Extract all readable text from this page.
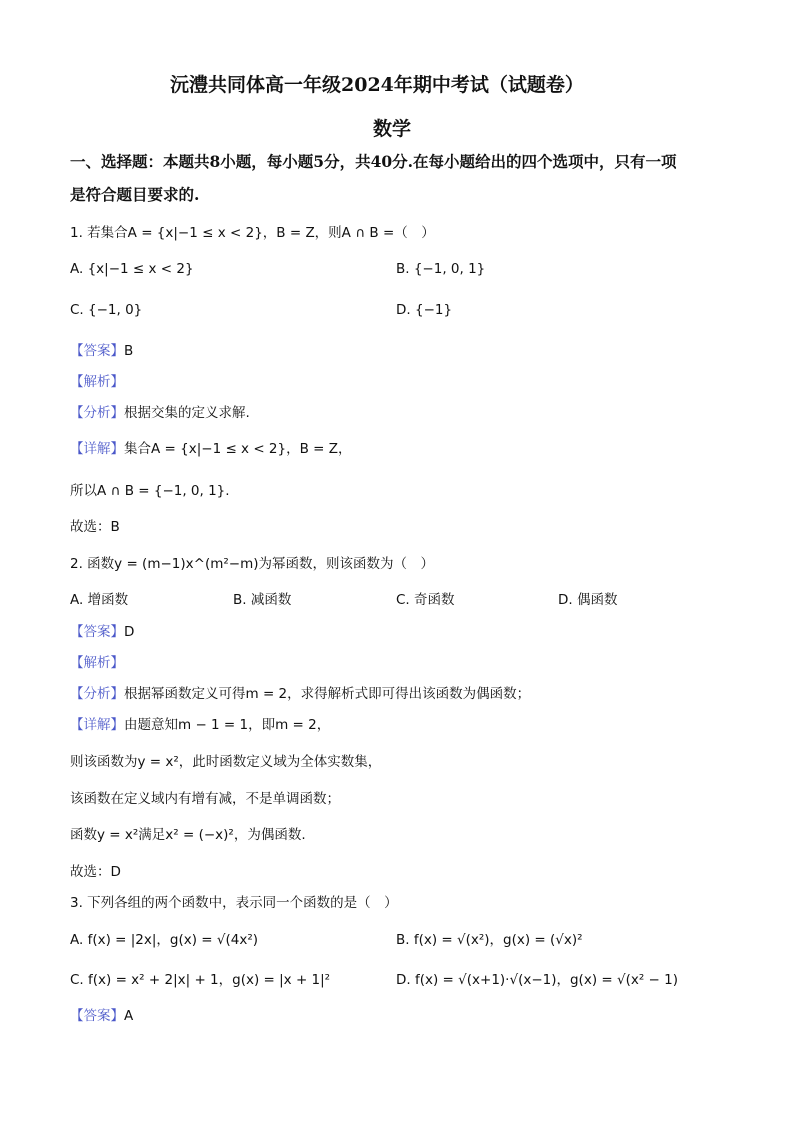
沅澧共同体高一年级2024年期中考试（试题卷）
数学
一、选择题：本题共8小题，每小题5分，共40分.在每小题给出的四个选项中，只有一项
是符合题目要求的.
1. 若集合A = {x|−1 ≤ x < 2}，B = Z，则A ∩ B =（　）
A. {x|−1 ≤ x < 2}	B. {−1, 0, 1}
C. {−1, 0}	D. {−1}
【答案】B
【解析】
【分析】根据交集的定义求解.
【详解】集合A = {x|−1 ≤ x < 2}，B = Z，
所以A ∩ B = {−1, 0, 1}.
故选：B
2. 函数y = (m−1)x^(m²−m)为幂函数，则该函数为（　）
A. 增函数	B. 减函数	C. 奇函数	D. 偶函数
【答案】D
【解析】
【分析】根据幂函数定义可得m = 2，求得解析式即可得出该函数为偶函数；
【详解】由题意知m − 1 = 1，即m = 2，
则该函数为y = x²，此时函数定义域为全体实数集，
该函数在定义域内有增有减，不是单调函数；
函数y = x²满足x² = (−x)²，为偶函数.
故选：D
3. 下列各组的两个函数中，表示同一个函数的是（　）
A. f(x) = |2x|，g(x) = √(4x²)	B. f(x) = √(x²)，g(x) = (√x)²
C. f(x) = x² + 2|x| + 1，g(x) = |x + 1|²	D. f(x) = √(x+1)·√(x−1)，g(x) = √(x² − 1)
【答案】A
